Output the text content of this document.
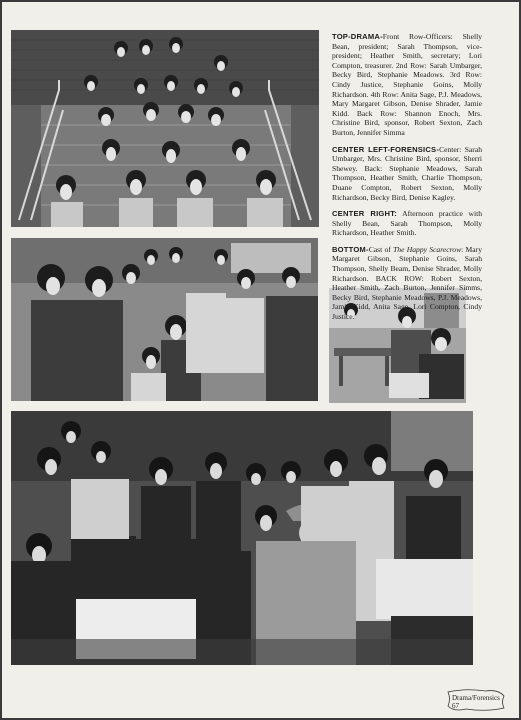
TOP-DRAMA-Front Row-Officers: Shelly Bean, president; Sarah Thompson, vice-president; Heather Smith, secretary; Lori Compton, treasurer. 2nd Row: Sarah Umbarger, Becky Bird, Stephanie Meadows. 3rd Row: Cindy Justice, Stephanie Goins, Molly Richardson. 4th Row: Anita Sage, P.J. Meadows, Mary Margaret Gibson, Denise Shrader, Jamie Kidd. Back Row: Shannon Enoch, Mrs. Christine Bird, sponsor, Robert Sexton, Zach Burton, Jennifer Simma

CENTER LEFT-FORENSICS-Center: Sarah Umbarger, Mrs. Christine Bird, sponsor, Sherri Shewey. Back: Stephanie Meadows, Sarah Thompson, Heather Smith, Charlie Thompson, Duane Compton, Robert Sexton, Molly Richardson, Becky Bird, Denise Kagley.

CENTER RIGHT: Afternoon practice with Shelly Bean, Sarah Thompson, Molly Richardson, Heather Smith.

BOTTOM-Cast of The Happy Scarecrow: Mary Margaret Gibson, Stephanie Goins, Sarah Thompson, Shelly Beam, Denise Shrader, Molly Richardson. BACK ROW: Robert Sexton, Heather Smith, Zach Burton, Jennifer Simms, Becky Bird, Stephanie Meadows, P.J. Meadows, Jamie Kidd, Anita Sage, Lori Compton, Cindy Justice.

Drama/Forensics 67
